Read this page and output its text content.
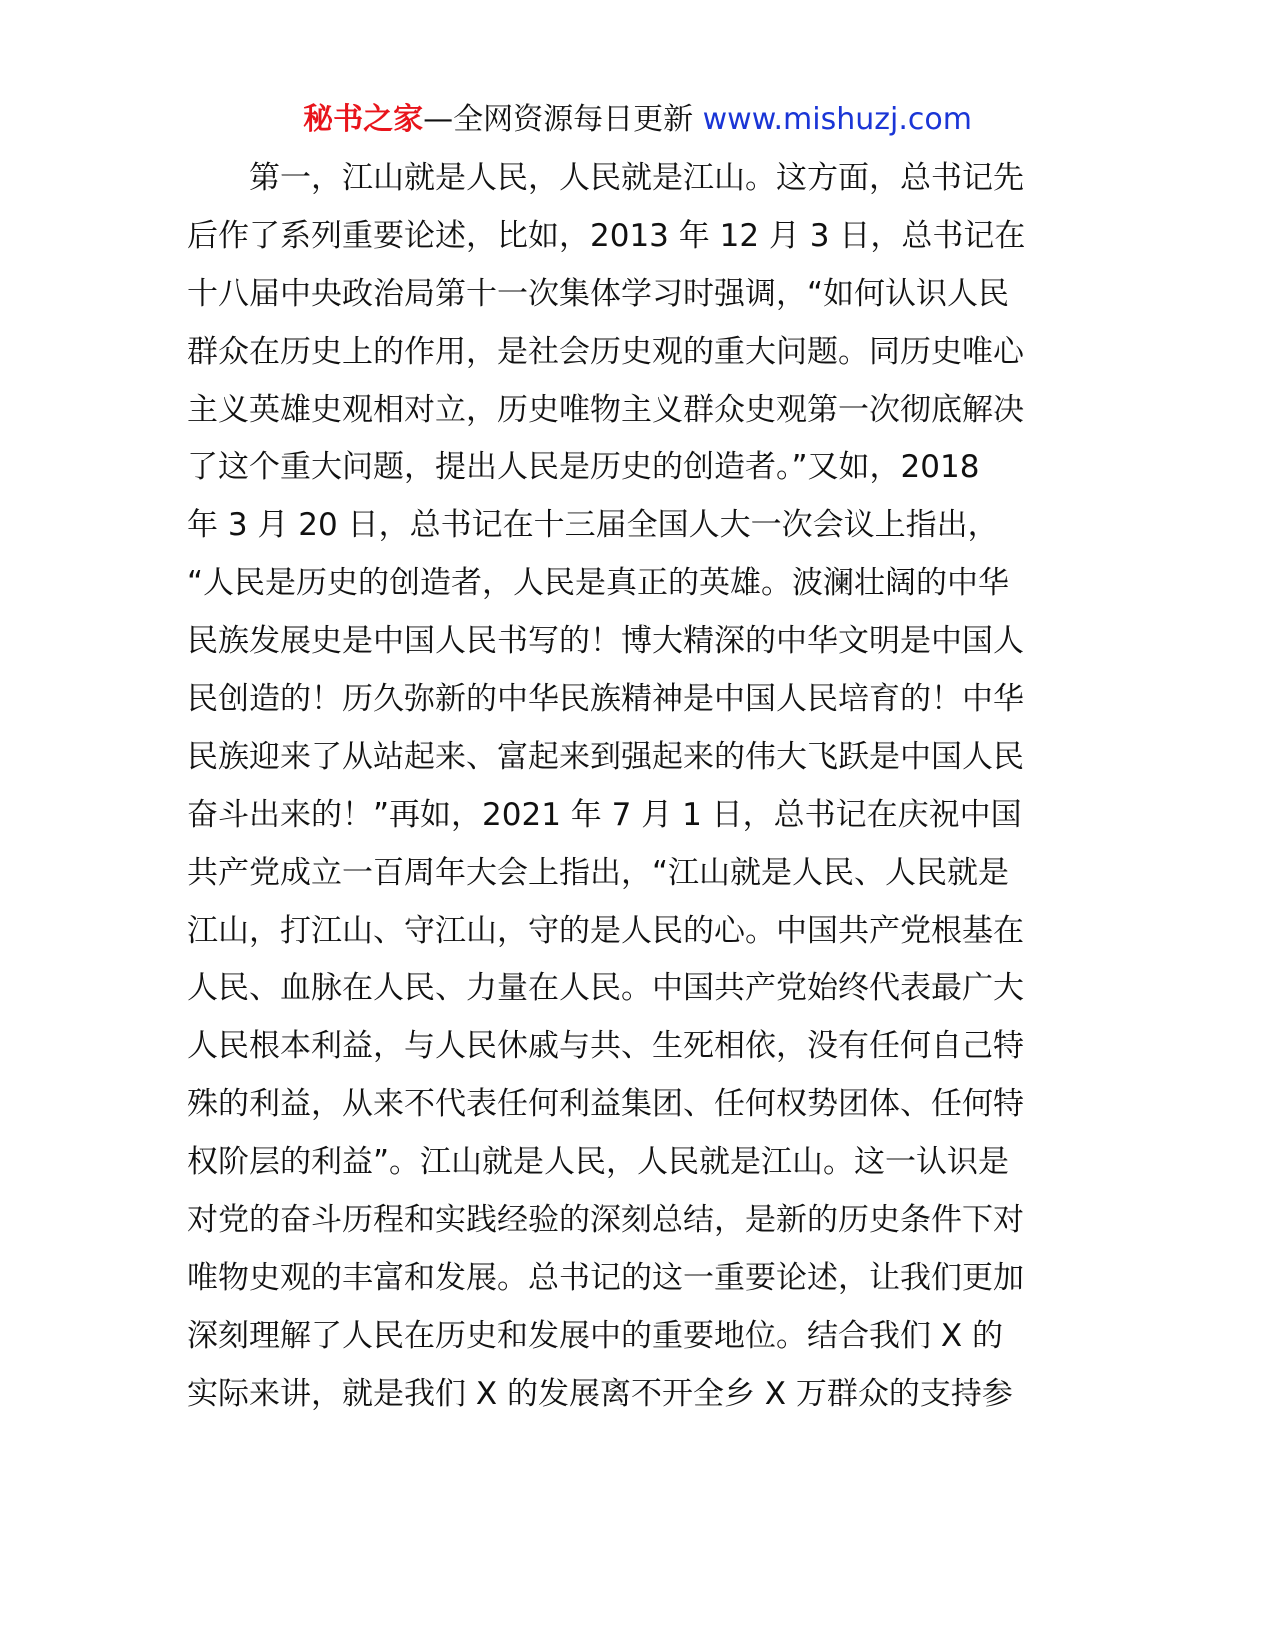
秘书之家—全网资源每日更新 www.mishuzj.com
第一，江山就是人民，人民就是江山。这方面，总书记先
后作了系列重要论述，比如，2013 年 12 月 3 日，总书记在
十八届中央政治局第十一次集体学习时强调，“如何认识人民
群众在历史上的作用，是社会历史观的重大问题。同历史唯心
主义英雄史观相对立，历史唯物主义群众史观第一次彻底解决
了这个重大问题，提出人民是历史的创造者。”又如，2018
年 3 月 20 日，总书记在十三届全国人大一次会议上指出，
“人民是历史的创造者，人民是真正的英雄。波澜壮阔的中华
民族发展史是中国人民书写的！博大精深的中华文明是中国人
民创造的！历久弥新的中华民族精神是中国人民培育的！中华
民族迎来了从站起来、富起来到强起来的伟大飞跃是中国人民
奋斗出来的！”再如，2021 年 7 月 1 日，总书记在庆祝中国
共产党成立一百周年大会上指出，“江山就是人民、人民就是
江山，打江山、守江山，守的是人民的心。中国共产党根基在
人民、血脉在人民、力量在人民。中国共产党始终代表最广大
人民根本利益，与人民休戚与共、生死相依，没有任何自己特
殊的利益，从来不代表任何利益集团、任何权势团体、任何特
权阶层的利益”。江山就是人民，人民就是江山。这一认识是
对党的奋斗历程和实践经验的深刻总结，是新的历史条件下对
唯物史观的丰富和发展。总书记的这一重要论述，让我们更加
深刻理解了人民在历史和发展中的重要地位。结合我们 X 的
实际来讲，就是我们 X 的发展离不开全乡 X 万群众的支持参
